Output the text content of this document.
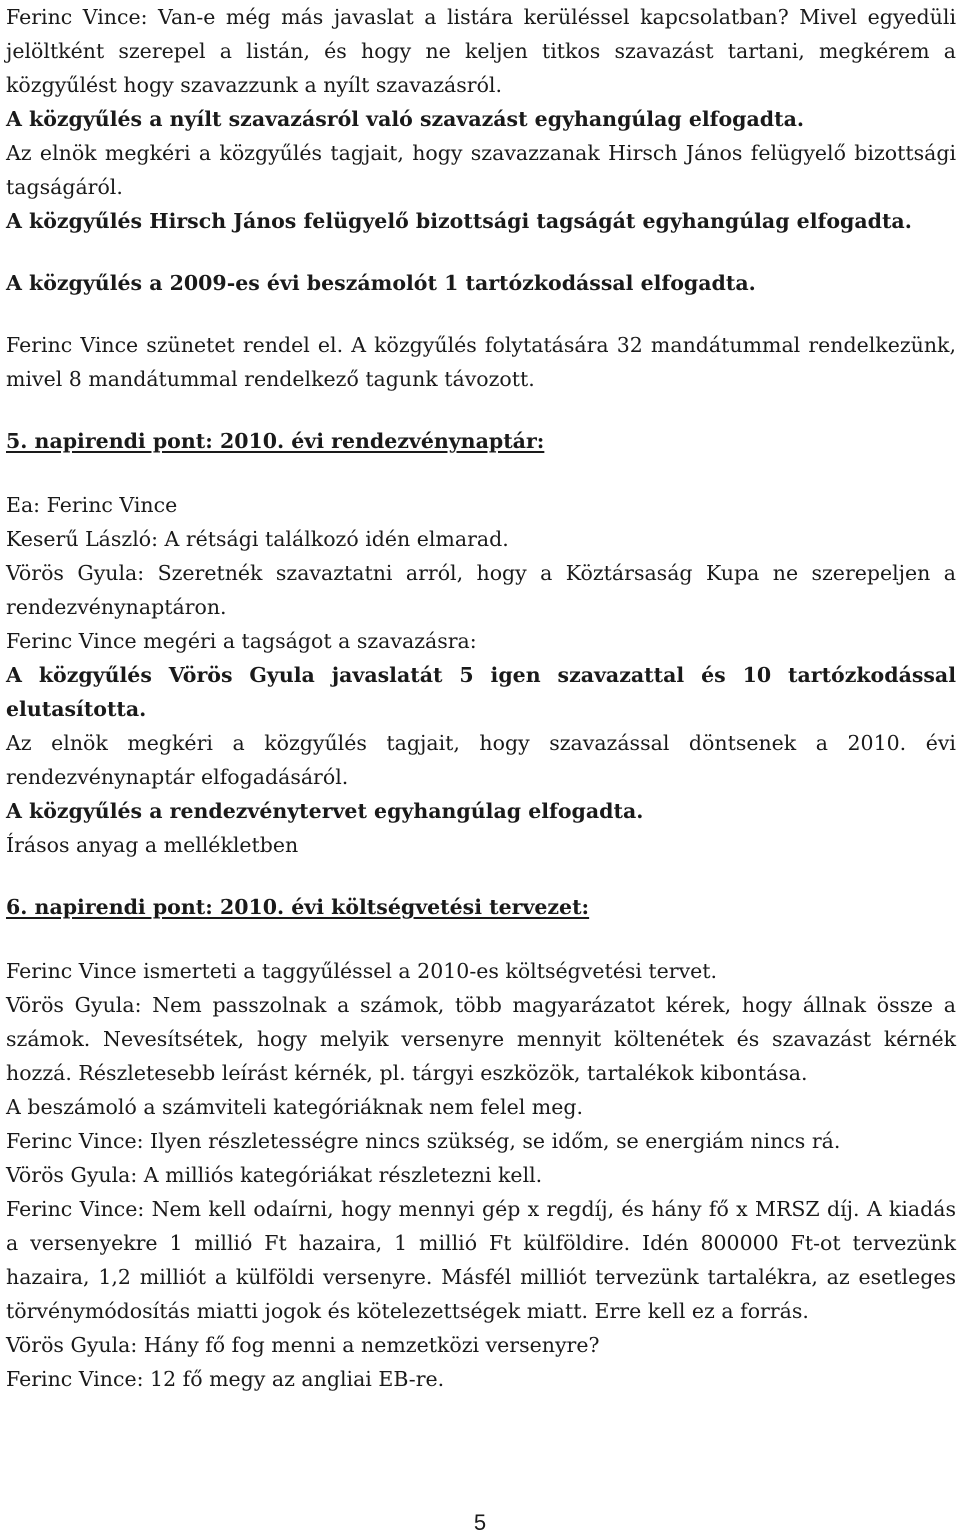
Ferinc Vince: Van-e még más javaslat a listára kerüléssel kapcsolatban? Mivel egyedüli jelöltként szerepel a listán, és hogy ne keljen titkos szavazást tartani, megkérem a közgyűlést hogy szavazzunk a nyílt szavazásról.

A közgyűlés a nyílt szavazásról való szavazást egyhangúlag elfogadta.

Az elnök megkéri a közgyűlés tagjait, hogy szavazzanak Hirsch János felügyelő bizottsági tagságáról.

A közgyűlés Hirsch János felügyelő bizottsági tagságát egyhangúlag elfogadta.

A közgyűlés a 2009-es évi beszámolót 1 tartózkodással elfogadta.

Ferinc Vince szünetet rendel el. A közgyűlés folytatására 32 mandátummal rendelkezünk, mivel 8 mandátummal rendelkező tagunk távozott.

5. napirendi pont: 2010. évi rendezvénynaptár:

Ea: Ferinc Vince

Keserű László: A rétsági találkozó idén elmarad.

Vörös Gyula: Szeretnék szavaztatni arról, hogy a Köztársaság Kupa ne szerepeljen a rendezvénynaptáron.

Ferinc Vince megéri a tagságot a szavazásra:

A közgyűlés Vörös Gyula javaslatát 5 igen szavazattal és 10 tartózkodással elutasította.

Az elnök megkéri a közgyűlés tagjait, hogy szavazással döntsenek a 2010. évi rendezvénynaptár elfogadásáról.

A közgyűlés a rendezvénytervet egyhangúlag elfogadta.

Írásos anyag a mellékletben

6. napirendi pont: 2010. évi költségvetési tervezet:

Ferinc Vince ismerteti a taggyűléssel a 2010-es költségvetési tervet.

Vörös Gyula: Nem passzolnak a számok, több magyarázatot kérek, hogy állnak össze a számok. Nevesítsétek, hogy melyik versenyre mennyit költenétek és szavazást kérnék hozzá. Részletesebb leírást kérnék, pl. tárgyi eszközök, tartalékok kibontása.

A beszámoló a számviteli kategóriáknak nem felel meg.

Ferinc Vince: Ilyen részletességre nincs szükség, se időm, se energiám nincs rá.

Vörös Gyula: A milliós kategóriákat részletezni kell.

Ferinc Vince: Nem kell odaírni, hogy mennyi gép x regdíj, és hány fő x MRSZ díj. A kiadás a versenyekre 1 millió Ft hazaira, 1 millió Ft külföldire. Idén 800000 Ft-ot tervezünk hazaira, 1,2 milliót a külföldi versenyre. Másfél milliót tervezünk tartalékra, az esetleges törvénymódosítás miatti jogok és kötelezettségek miatt. Erre kell ez a forrás.

Vörös Gyula: Hány fő fog menni a nemzetközi versenyre?

Ferinc Vince: 12 fő megy az angliai EB-re.

5
